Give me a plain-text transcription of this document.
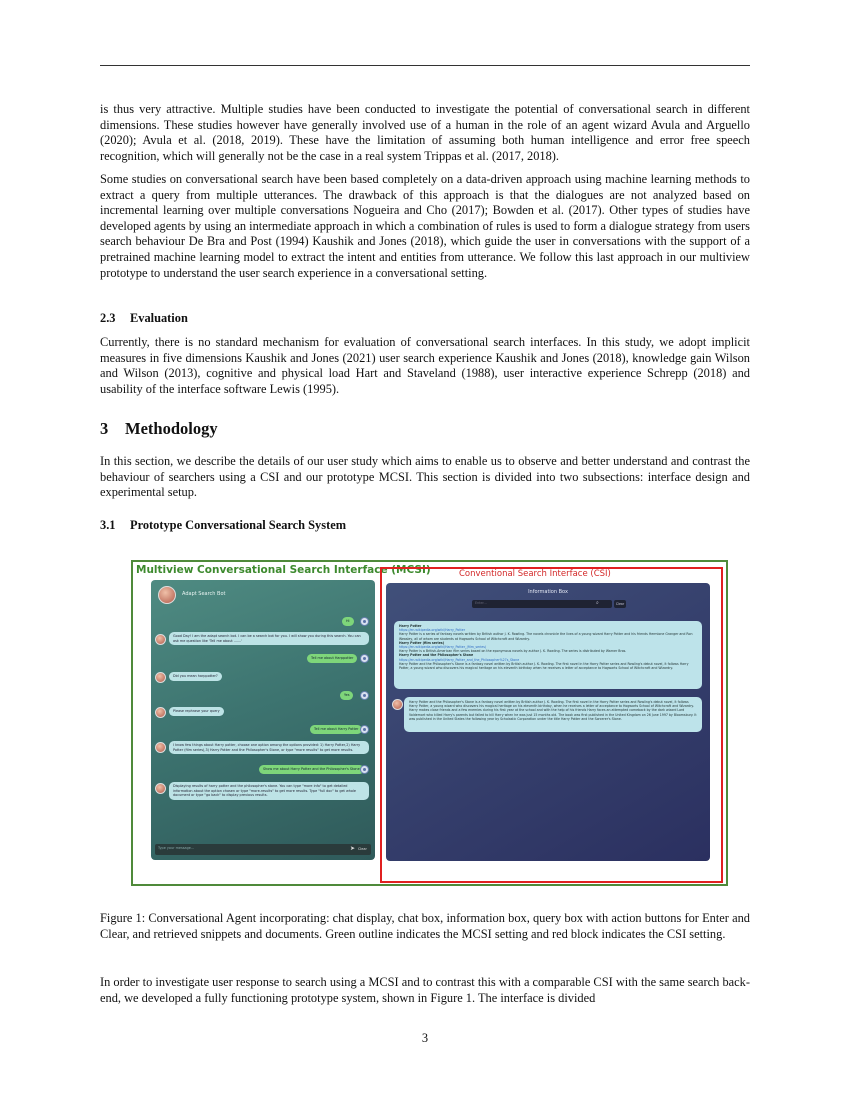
is thus very attractive. Multiple studies have been conducted to investigate the potential of conversational search in different dimensions. These studies however have generally involved use of a human in the role of an agent wizard Avula and Arguello (2020); Avula et al. (2018, 2019). These have the limitation of assuming both human intelligence and error free speech recognition, which will generally not be the case in a real system Trippas et al. (2017, 2018).

Some studies on conversational search have been based completely on a data-driven approach using machine learning methods to extract a query from multiple utterances. The drawback of this approach is that the dialogues are not analyzed based on incremental learning over multiple conversations Nogueira and Cho (2017); Bowden et al. (2017). Other types of studies have developed agents by using an intermediate approach in which a combination of rules is used to form a dialogue strategy from users search behaviour De Bra and Post (1994) Kaushik and Jones (2018), which guide the user in conversations with the support of a pretrained machine learning model to extract the intent and entities from utterance. We follow this last approach in our multiview prototype to understand the user search experience in a conversational setting.

2.3 Evaluation

Currently, there is no standard mechanism for evaluation of conversational search interfaces. In this study, we adopt implicit measures in five dimensions Kaushik and Jones (2021) user search experience Kaushik and Jones (2018), knowledge gain Wilson and Wilson (2013), cognitive and physical load Hart and Staveland (1988), user interactive experience Schrepp (2018) and usability of the interface software Lewis (1995).

3 Methodology

In this section, we describe the details of our user study which aims to enable us to observe and better understand and contrast the behaviour of searchers using a CSI and our prototype MCSI. This section is divided into two subsections: interface design and experimental setup.

3.1 Prototype Conversational Search System
Multiview Conversational Search Interface (MCSI)	Conventional Search Interface (CSI)
Adapt Search Bot
Hi
Good Day! I am the adapt search bot. I can be a search bot for you. I will show you during this search. You can ask me question like 'Tell me about .......'
Tell me about Harppotter
Did you mean harppotter?
Yes
Please rephrase your query
Tell me about Harry Potter
I know few things about Harry potter, choose one option among the options provided: 1) Harry Potter,2) Harry Potter (film series),3) Harry Potter and the Philosopher's Stone, or type "more results" to get more results.
Show me about Harry Potter and the Philosopher's Stone
Displaying results of harry potter and the philosopher's stone. You can type "more info" to get detailed information about the option chosen or type "more-results" to get more results. Type "full doc" to get whole document or type "go back" to display previous results.
Type your message...	➤ Clear
Information Box
Enter...	⌕	Clear
Harry Potter
https://en.wikipedia.org/wiki/Harry_Potter
Harry Potter is a series of fantasy novels written by British author J. K. Rowling. The novels chronicle the lives of a young wizard Harry Potter and his friends Hermione Granger and Ron Weasley, all of whom are students at Hogwarts School of Witchcraft and Wizardry.
Harry Potter (film series)
https://en.wikipedia.org/wiki/Harry_Potter_(film_series)
Harry Potter is a British-American film series based on the eponymous novels by author J. K. Rowling. The series is distributed by Warner Bros.
Harry Potter and the Philosopher's Stone
https://en.wikipedia.org/wiki/Harry_Potter_and_the_Philosopher%27s_Stone
Harry Potter and the Philosopher's Stone is a fantasy novel written by British author J. K. Rowling. The first novel in the Harry Potter series and Rowling's debut novel, it follows Harry Potter, a young wizard who discovers his magical heritage on his eleventh birthday when he receives a letter of acceptance to Hogwarts School of Witchcraft and Wizardry.
Harry Potter and the Philosopher's Stone is a fantasy novel written by British author J. K. Rowling. The first novel in the Harry Potter series and Rowling's debut novel, it follows Harry Potter, a young wizard who discovers his magical heritage on his eleventh birthday, when he receives a letter of acceptance to Hogwarts School of Witchcraft and Wizardry. Harry makes close friends and a few enemies during his first year at the school and with the help of his friends Harry faces an attempted comeback by the dark wizard Lord Voldemort who killed Harry's parents but failed to kill Harry when he was just 15 months old. The book was first published in the United Kingdom on 26 June 1997 by Bloomsbury. It was published in the United States the following year by Scholastic Corporation under the title Harry Potter and the Sorcerer's Stone.

Figure 1: Conversational Agent incorporating: chat display, chat box, information box, query box with action buttons for Enter and Clear, and retrieved snippets and documents. Green outline indicates the MCSI setting and red block indicates the CSI setting.

In order to investigate user response to search using a MCSI and to contrast this with a comparable CSI with the same search back-end, we developed a fully functioning prototype system, shown in Figure 1. The interface is divided

3
